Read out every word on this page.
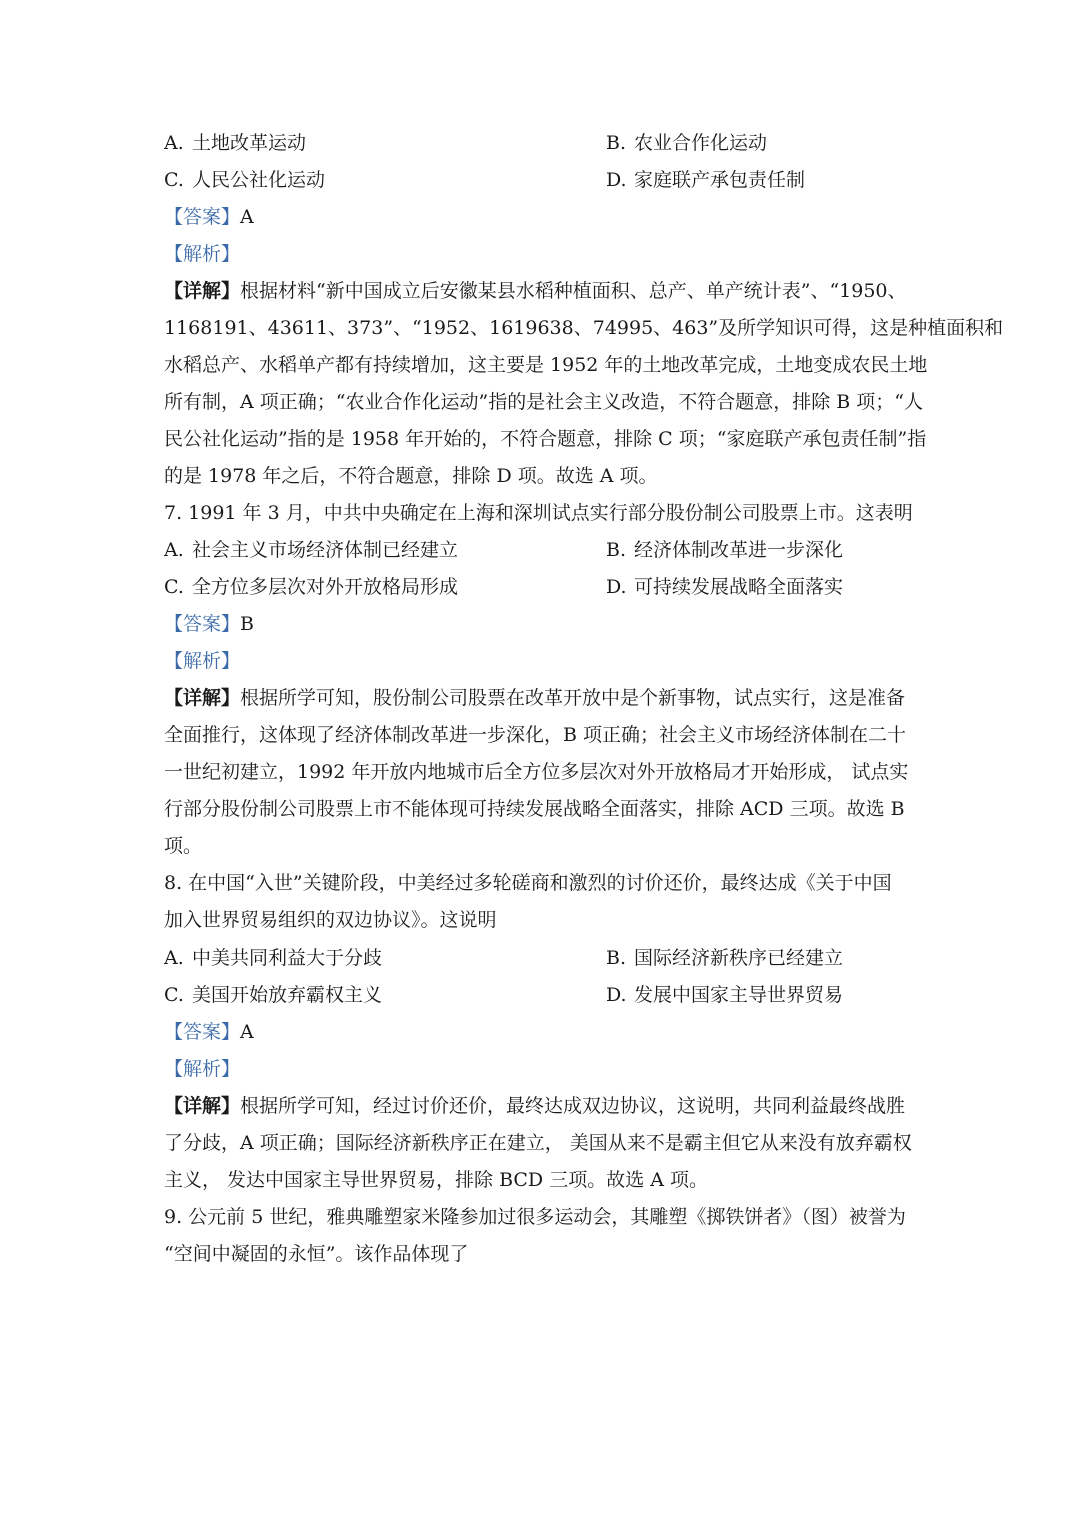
A. 土地改革运动	B. 农业合作化运动
C. 人民公社化运动	D. 家庭联产承包责任制
【答案】A
【解析】
【详解】根据材料“新中国成立后安徽某县水稻种植面积、总产、单产统计表”、“1950、
1168191、43611、373”、“1952、1619638、74995、463”及所学知识可得，这是种植面积和
水稻总产、水稻单产都有持续增加，这主要是 1952 年的土地改革完成，土地变成农民土地
所有制，A 项正确；“农业合作化运动”指的是社会主义改造，不符合题意，排除 B 项；“人
民公社化运动”指的是 1958 年开始的，不符合题意，排除 C 项；“家庭联产承包责任制”指
的是 1978 年之后，不符合题意，排除 D 项。故选 A 项。
7. 1991 年 3 月，中共中央确定在上海和深圳试点实行部分股份制公司股票上市。这表明
A. 社会主义市场经济体制已经建立	B. 经济体制改革进一步深化
C. 全方位多层次对外开放格局形成	D. 可持续发展战略全面落实
【答案】B
【解析】
【详解】根据所学可知，股份制公司股票在改革开放中是个新事物，试点实行，这是准备
全面推行，这体现了经济体制改革进一步深化，B 项正确；社会主义市场经济体制在二十
一世纪初建立，1992 年开放内地城市后全方位多层次对外开放格局才开始形成， 试点实
行部分股份制公司股票上市不能体现可持续发展战略全面落实，排除 ACD 三项。故选 B
项。
8. 在中国“入世”关键阶段，中美经过多轮磋商和激烈的讨价还价，最终达成《关于中国
加入世界贸易组织的双边协议》。这说明
A. 中美共同利益大于分歧	B. 国际经济新秩序已经建立
C. 美国开始放弃霸权主义	D. 发展中国家主导世界贸易
【答案】A
【解析】
【详解】根据所学可知，经过讨价还价，最终达成双边协议，这说明，共同利益最终战胜
了分歧，A 项正确；国际经济新秩序正在建立， 美国从来不是霸主但它从来没有放弃霸权
主义， 发达中国家主导世界贸易，排除 BCD 三项。故选 A 项。
9. 公元前 5 世纪，雅典雕塑家米隆参加过很多运动会，其雕塑《掷铁饼者》（图）被誉为
“空间中凝固的永恒”。该作品体现了
